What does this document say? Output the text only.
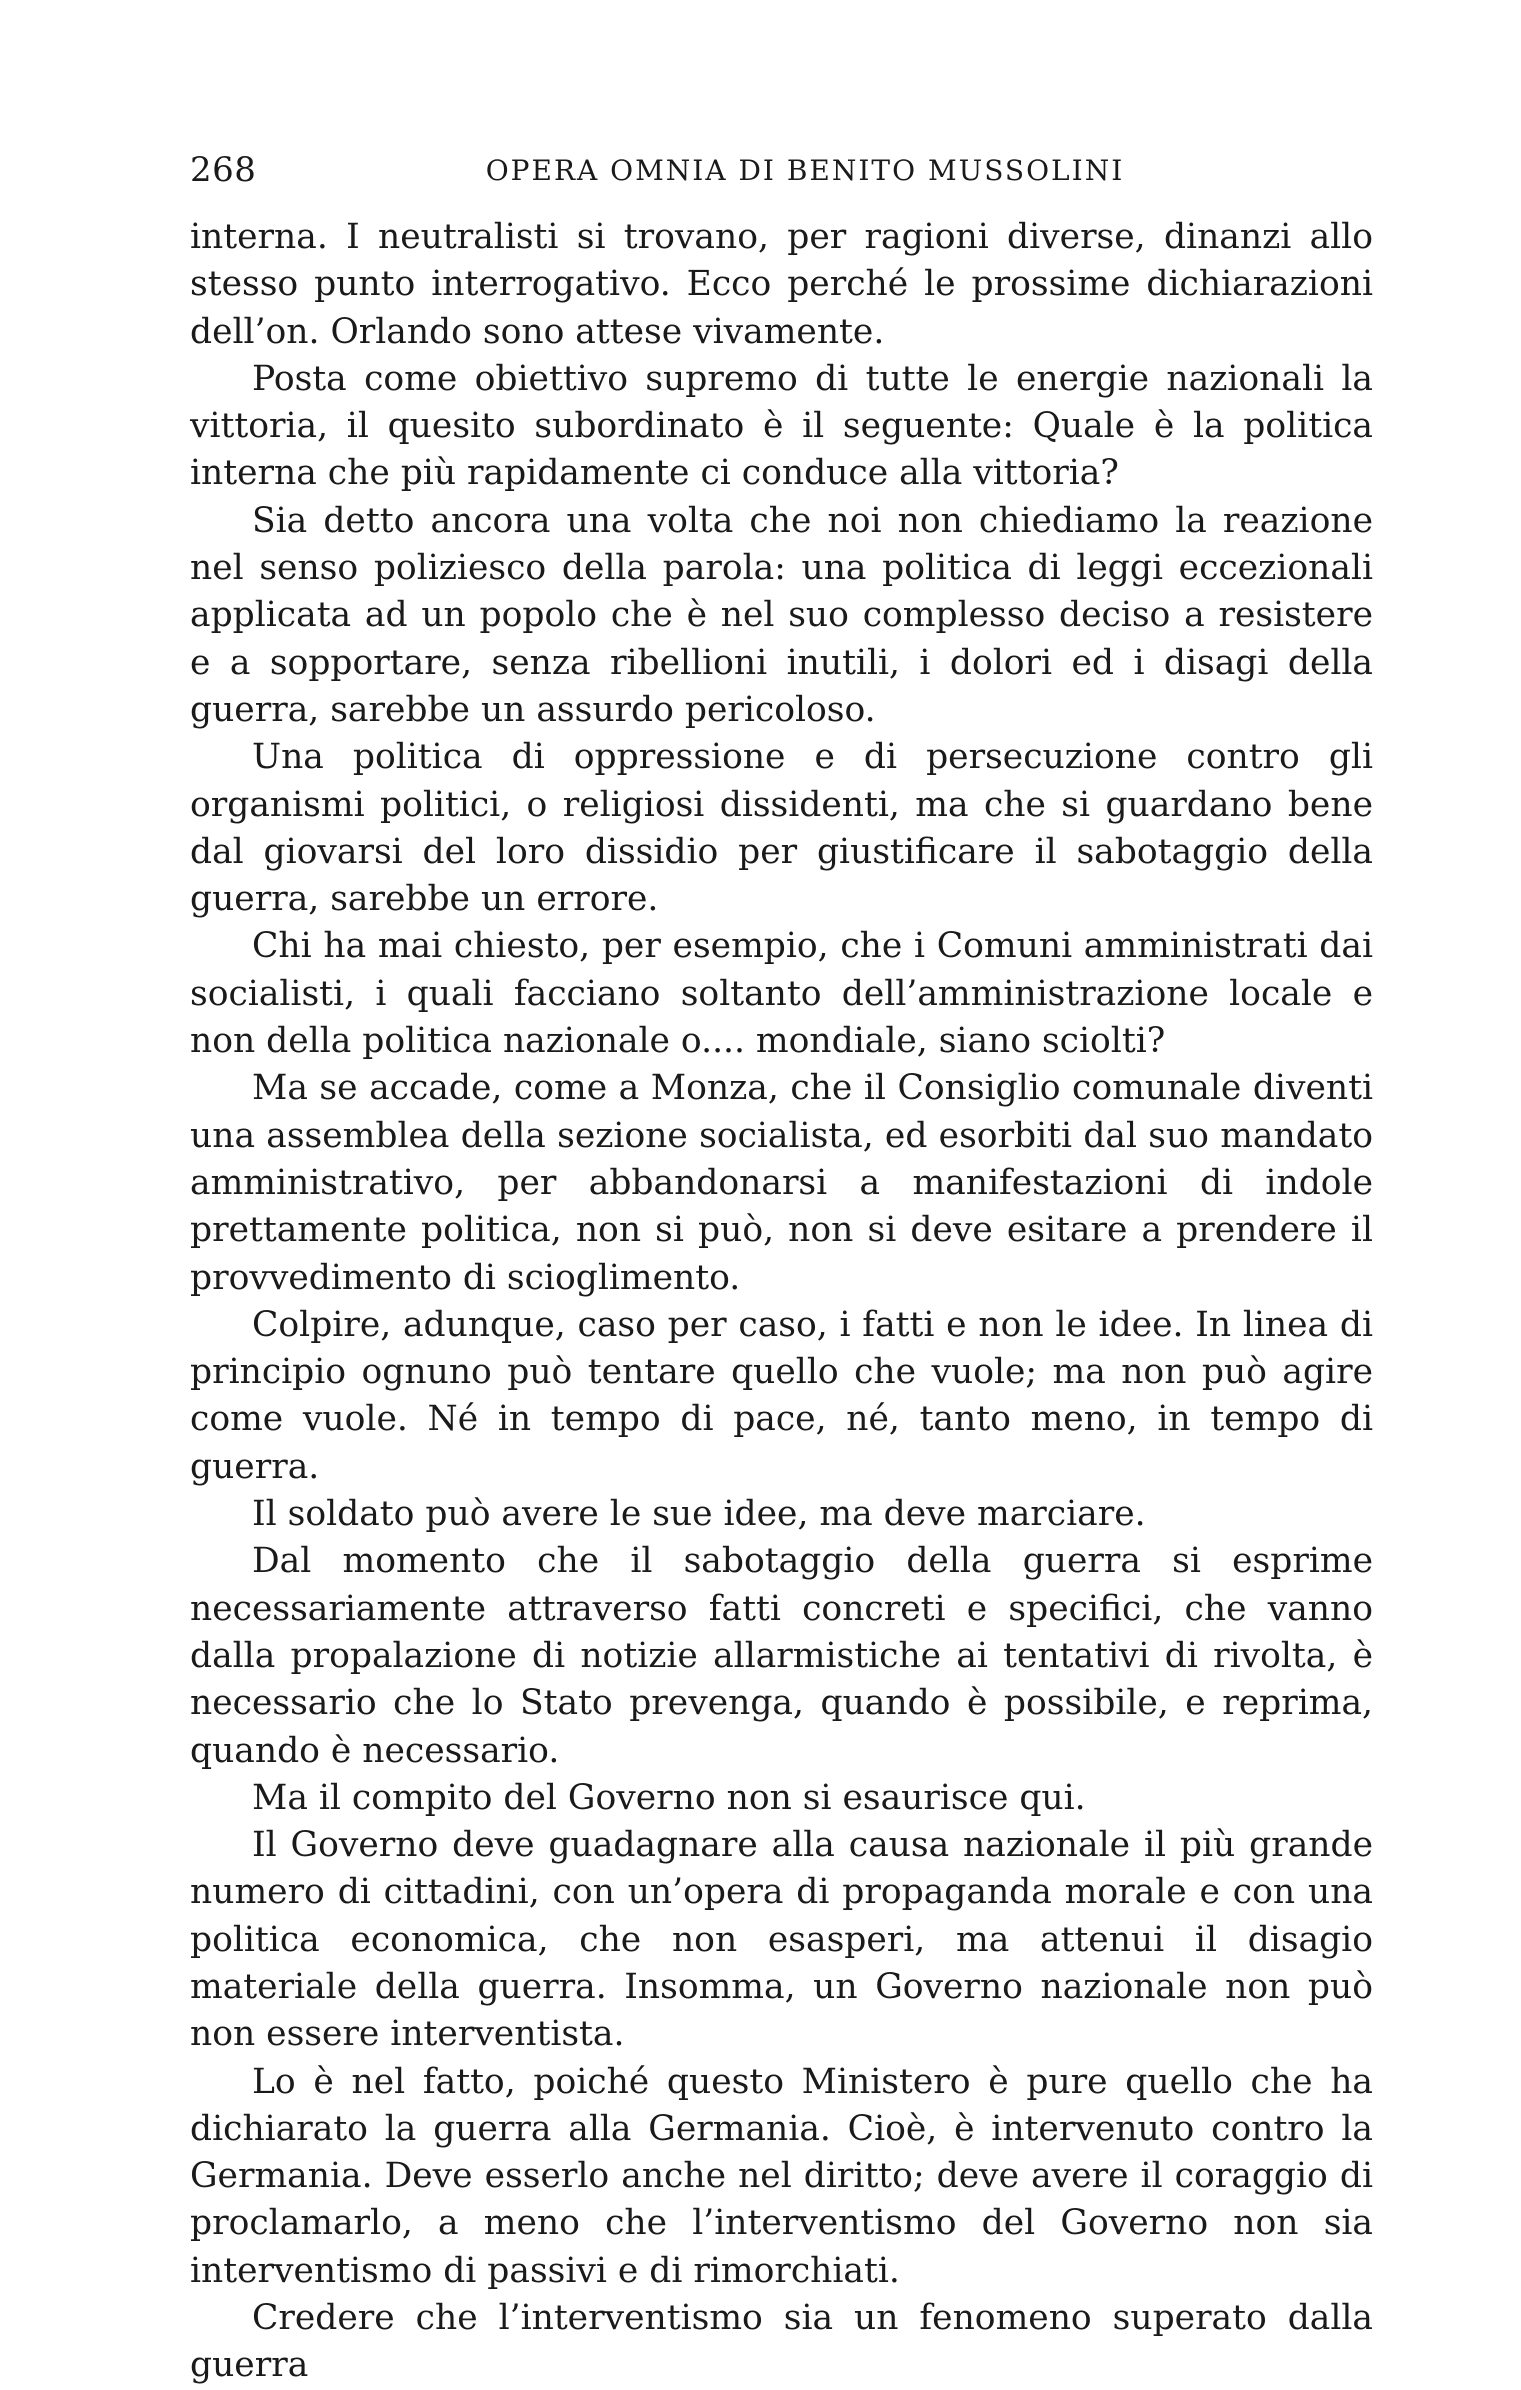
268	OPERA OMNIA DI BENITO MUSSOLINI

interna. I neutralisti si trovano, per ragioni diverse, dinanzi allo stesso punto interrogativo. Ecco perché le prossime dichiarazioni dell’on. Orlando sono attese vivamente.

Posta come obiettivo supremo di tutte le energie nazionali la vittoria, il quesito subordinato è il seguente: Quale è la politica interna che più rapidamente ci conduce alla vittoria?

Sia detto ancora una volta che noi non chiediamo la reazione nel senso poliziesco della parola: una politica di leggi eccezionali applicata ad un popolo che è nel suo complesso deciso a resistere e a sopportare, senza ribellioni inutili, i dolori ed i disagi della guerra, sarebbe un assurdo pericoloso.

Una politica di oppressione e di persecuzione contro gli organismi politici, o religiosi dissidenti, ma che si guardano bene dal giovarsi del loro dissidio per giustificare il sabotaggio della guerra, sarebbe un errore.

Chi ha mai chiesto, per esempio, che i Comuni amministrati dai socialisti, i quali facciano soltanto dell’amministrazione locale e non della politica nazionale o.... mondiale, siano sciolti?

Ma se accade, come a Monza, che il Consiglio comunale diventi una assemblea della sezione socialista, ed esorbiti dal suo mandato amministrativo, per abbandonarsi a manifestazioni di indole prettamente politica, non si può, non si deve esitare a prendere il provvedimento di scioglimento.

Colpire, adunque, caso per caso, i fatti e non le idee. In linea di principio ognuno può tentare quello che vuole; ma non può agire come vuole. Né in tempo di pace, né, tanto meno, in tempo di guerra.

Il soldato può avere le sue idee, ma deve marciare.

Dal momento che il sabotaggio della guerra si esprime necessariamente attraverso fatti concreti e specifici, che vanno dalla propalazione di notizie allarmistiche ai tentativi di rivolta, è necessario che lo Stato prevenga, quando è possibile, e reprima, quando è necessario.

Ma il compito del Governo non si esaurisce qui.

Il Governo deve guadagnare alla causa nazionale il più grande numero di cittadini, con un’opera di propaganda morale e con una politica economica, che non esasperi, ma attenui il disagio materiale della guerra. Insomma, un Governo nazionale non può non essere interventista.

Lo è nel fatto, poiché questo Ministero è pure quello che ha dichiarato la guerra alla Germania. Cioè, è intervenuto contro la Germania. Deve esserlo anche nel diritto; deve avere il coraggio di proclamarlo, a meno che l’interventismo del Governo non sia interventismo di passivi e di rimorchiati.

Credere che l’interventismo sia un fenomeno superato dalla guerra
